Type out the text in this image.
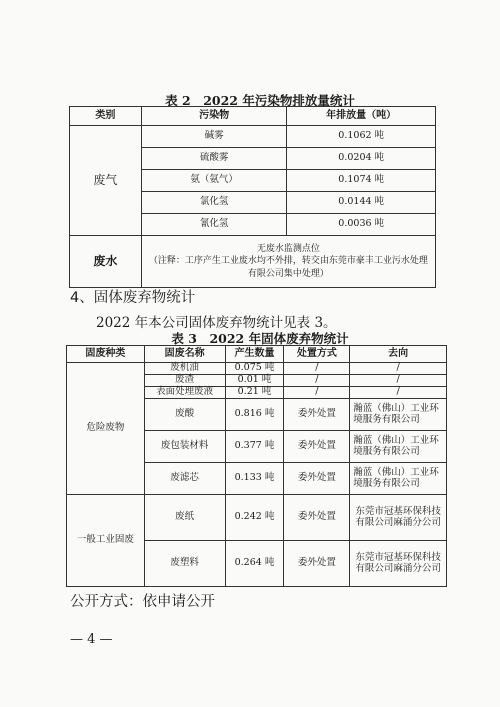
表 2　2022 年污染物排放量统计
类别	污染物	年排放量（吨）
废气	碱雾	0.1062 吨
	硫酸雾	0.0204 吨
	氨（氨气）	0.1074 吨
	氯化氢	0.0144 吨
	氰化氢	0.0036 吨
废水	无废水监测点位
（注释：工序产生工业废水均不外排，转交由东莞市豪丰工业污水处理有限公司集中处理）	
4、固体废弃物统计
2022 年本公司固体废弃物统计见表 3。
表 3　2022 年固体废弃物统计
固废种类	固废名称	产生数量	处置方式	去向
危险废物	废机油	0.075 吨	/	/
	废渣	0.01 吨	/	/
	表面处理废液	0.21 吨	/	/
	废酸	0.816 吨	委外处置	瀚蓝（佛山）工业环境服务有限公司
	废包装材料	0.377 吨	委外处置	瀚蓝（佛山）工业环境服务有限公司
	废滤芯	0.133 吨	委外处置	瀚蓝（佛山）工业环境服务有限公司
一般工业固废	废纸	0.242 吨	委外处置	东莞市冠基环保科技有限公司麻涌分公司
	废塑料	0.264 吨	委外处置	东莞市冠基环保科技有限公司麻涌分公司
公开方式：依申请公开
— 4 —
